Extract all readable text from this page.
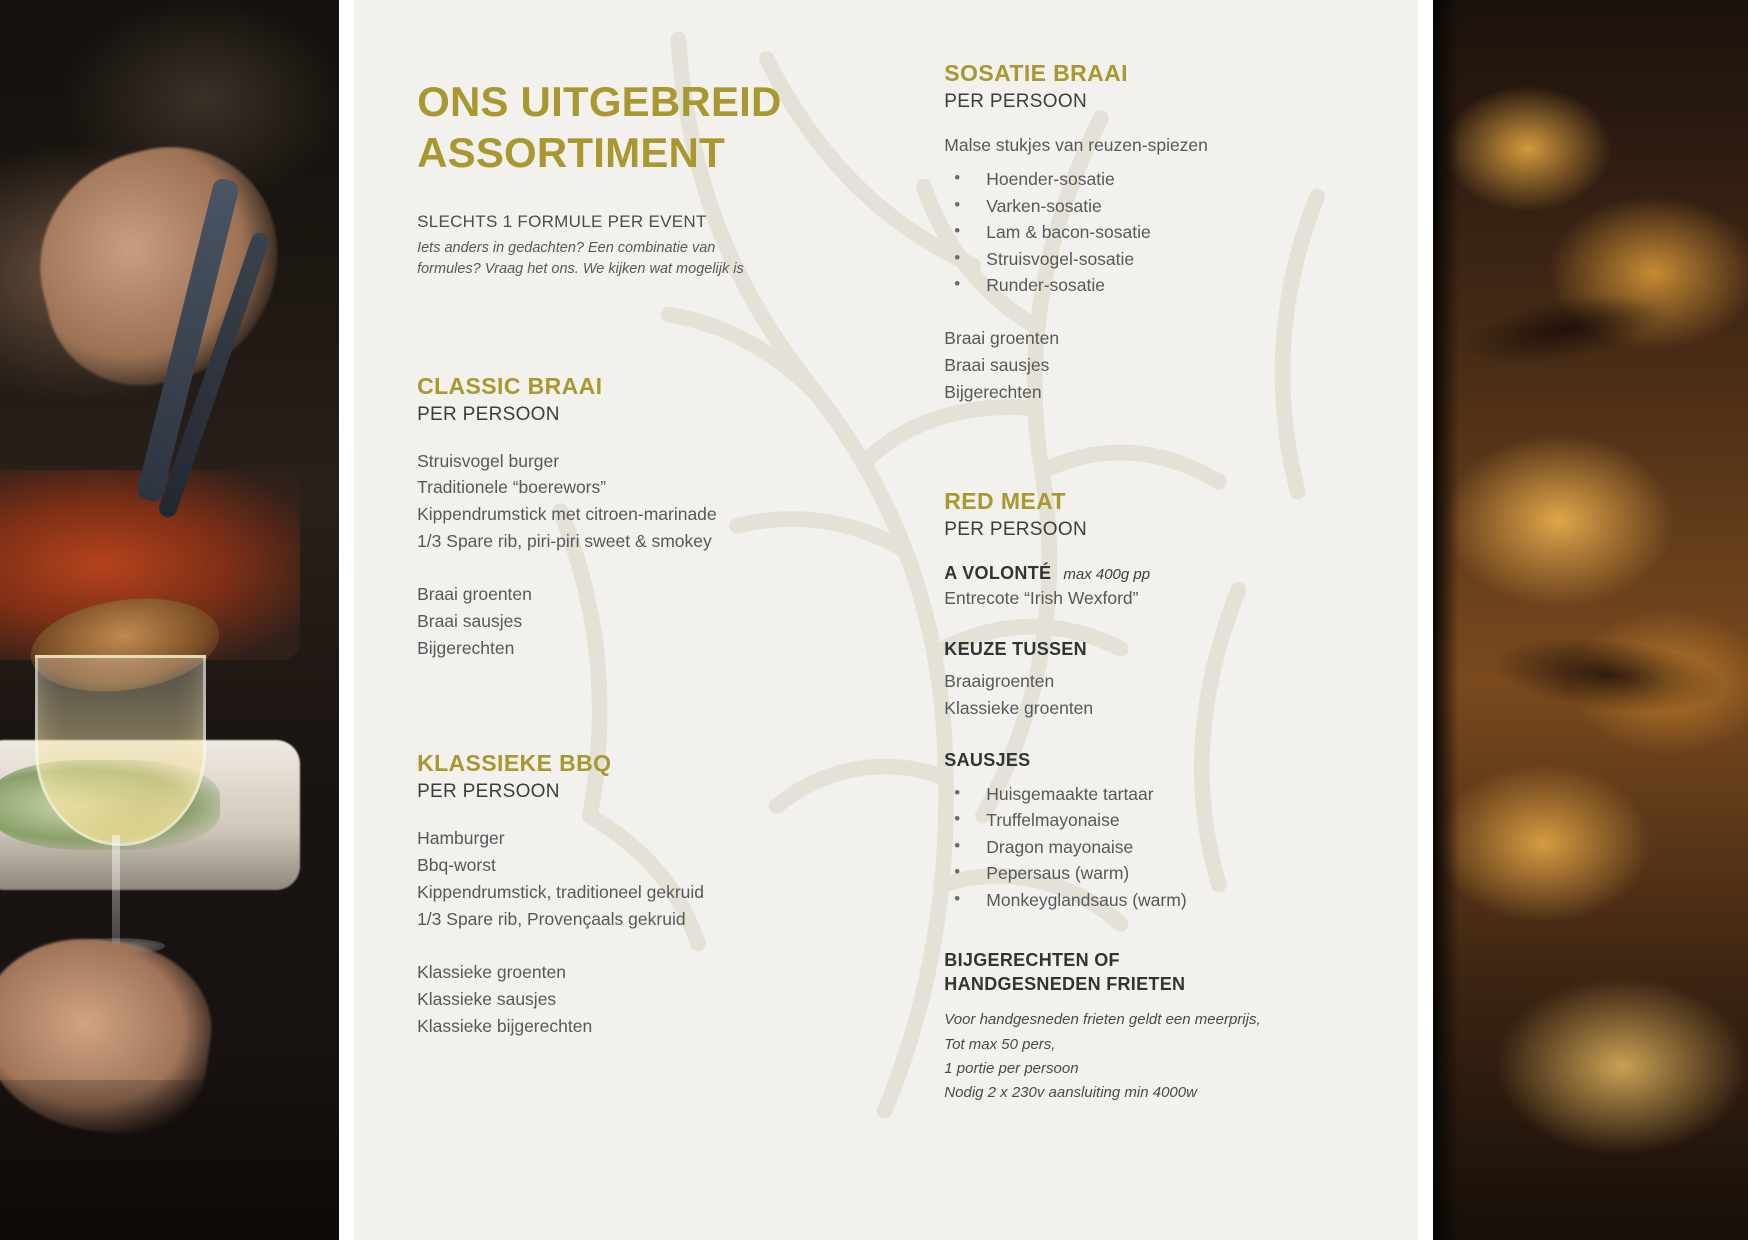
ONS UITGEBREID ASSORTIMENT
SLECHTS 1 FORMULE PER EVENT
Iets anders in gedachten? Een combinatie van formules? Vraag het ons. We kijken wat mogelijk is
CLASSIC BRAAI
PER PERSOON
Struisvogel burger
Traditionele “boerewors”
Kippendrumstick met citroen-marinade
1/3 Spare rib, piri-piri sweet & smokey
Braai groenten
Braai sausjes
Bijgerechten
KLASSIEKE BBQ
PER PERSOON
Hamburger
Bbq-worst
Kippendrumstick, traditioneel gekruid
1/3 Spare rib, Provençaals gekruid
Klassieke groenten
Klassieke sausjes
Klassieke bijgerechten
SOSATIE BRAAI
PER PERSOON

Malse stukjes van reuzen-spiezen

• Hoender-sosatie
• Varken-sosatie
• Lam & bacon-sosatie
• Struisvogel-sosatie
• Runder-sosatie
Braai groenten
Braai sausjes
Bijgerechten
RED MEAT
PER PERSOON
A VOLONTÉ max 400g pp

Entrecote “Irish Wexford”

KEUZE TUSSEN
Braaigroenten
Klassieke groenten
SAUSJES
• Huisgemaakte tartaar
• Truffelmayonaise
• Dragon mayonaise
• Pepersaus (warm)
• Monkeyglandsaus (warm)
BIJGERECHTEN OF
HANDGESNEDEN FRIETEN
Voor handgesneden frieten geldt een meerprijs,
Tot max 50 pers,
1 portie per persoon
Nodig 2 x 230v aansluiting min 4000w
